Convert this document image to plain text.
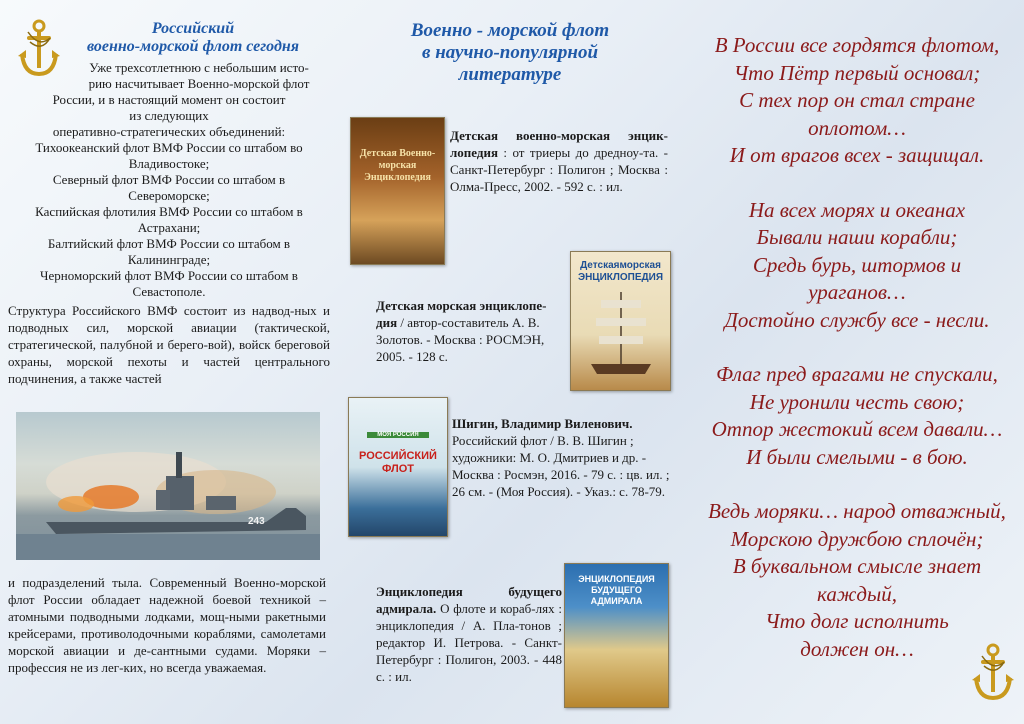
Российский
военно-морской флот сегодня
Уже трехсотлетнюю с небольшим исто-
рию насчитывает Военно-морской флот
России, и в настоящий момент он состоит
из следующих
оперативно-стратегических объединений:
Тихоокеанский флот ВМФ России со штабом во
Владивостоке;
Северный флот ВМФ России со штабом в
Североморске;
Каспийская флотилия ВМФ России со штабом в
Астрахани;
Балтийский флот ВМФ России со штабом в
Калининграде;
Черноморский флот ВМФ России со штабом в
Севастополе.
Структура Российского ВМФ состоит из надвод-ных и подводных сил, морской авиации (тактической, стратегической, палубной и берего-вой), войск береговой охраны, морской пехоты и частей центрального подчинения, а также частей
243
и подразделений тыла. Современный Военно-морской флот России обладает надежной боевой техникой – атомными подводными лодками, мощ-ными ракетными крейсерами, противолодочными кораблями, самолетами морской авиации и де-сантными судами. Моряки – профессия не из лег-ких, но всегда уважаемая.
Военно - морской флот
в научно-популярной
литературе
Детская Военно-морская Энциклопедия
Детская военно-морская энцик-лопедия : от триеры до дредноу-та. - Санкт-Петербург : Полигон ; Москва : Олма-Пресс, 2002. - 592 с. : ил.
Детскаяморская ЭНЦИКЛОПЕДИЯ
Детская морская энциклопе-дия / автор-составитель А. В. Золотов. - Москва : РОСМЭН, 2005. - 128 с.
МОЯ РОССИЯ
РОССИЙСКИЙ ФЛОТ
Шигин, Владимир Виленович. Российский флот / В. В. Шигин ; художники: М. О. Дмитриев и др. - Москва : Росмэн, 2016. - 79 с. : цв. ил. ; 26 см. - (Моя Россия). - Указ.: с. 78-79.
ЭНЦИКЛОПЕДИЯ БУДУЩЕГО АДМИРАЛА
Энциклопедия будущего адмирала. О флоте и кораб-лях : энциклопедия / А. Пла-тонов ; редактор И. Петрова. - Санкт-Петербург : Полигон, 2003. - 448 с. : ил.
В России все гордятся флотом,
Что Пётр первый основал;
С тех пор он стал стране
оплотом…
И от врагов всех - защищал.
На всех морях и океанах
Бывали наши корабли;
Средь бурь, штормов и
ураганов…
Достойно службу все - несли.
Флаг пред врагами не спускали,
Не уронили честь свою;
Отпор жестокий всем давали…
И были смелыми - в бою.
Ведь моряки… народ отважный,
Морскою дружбою сплочён;
В буквальном смысле знает
каждый,
Что долг исполнить
должен он…
